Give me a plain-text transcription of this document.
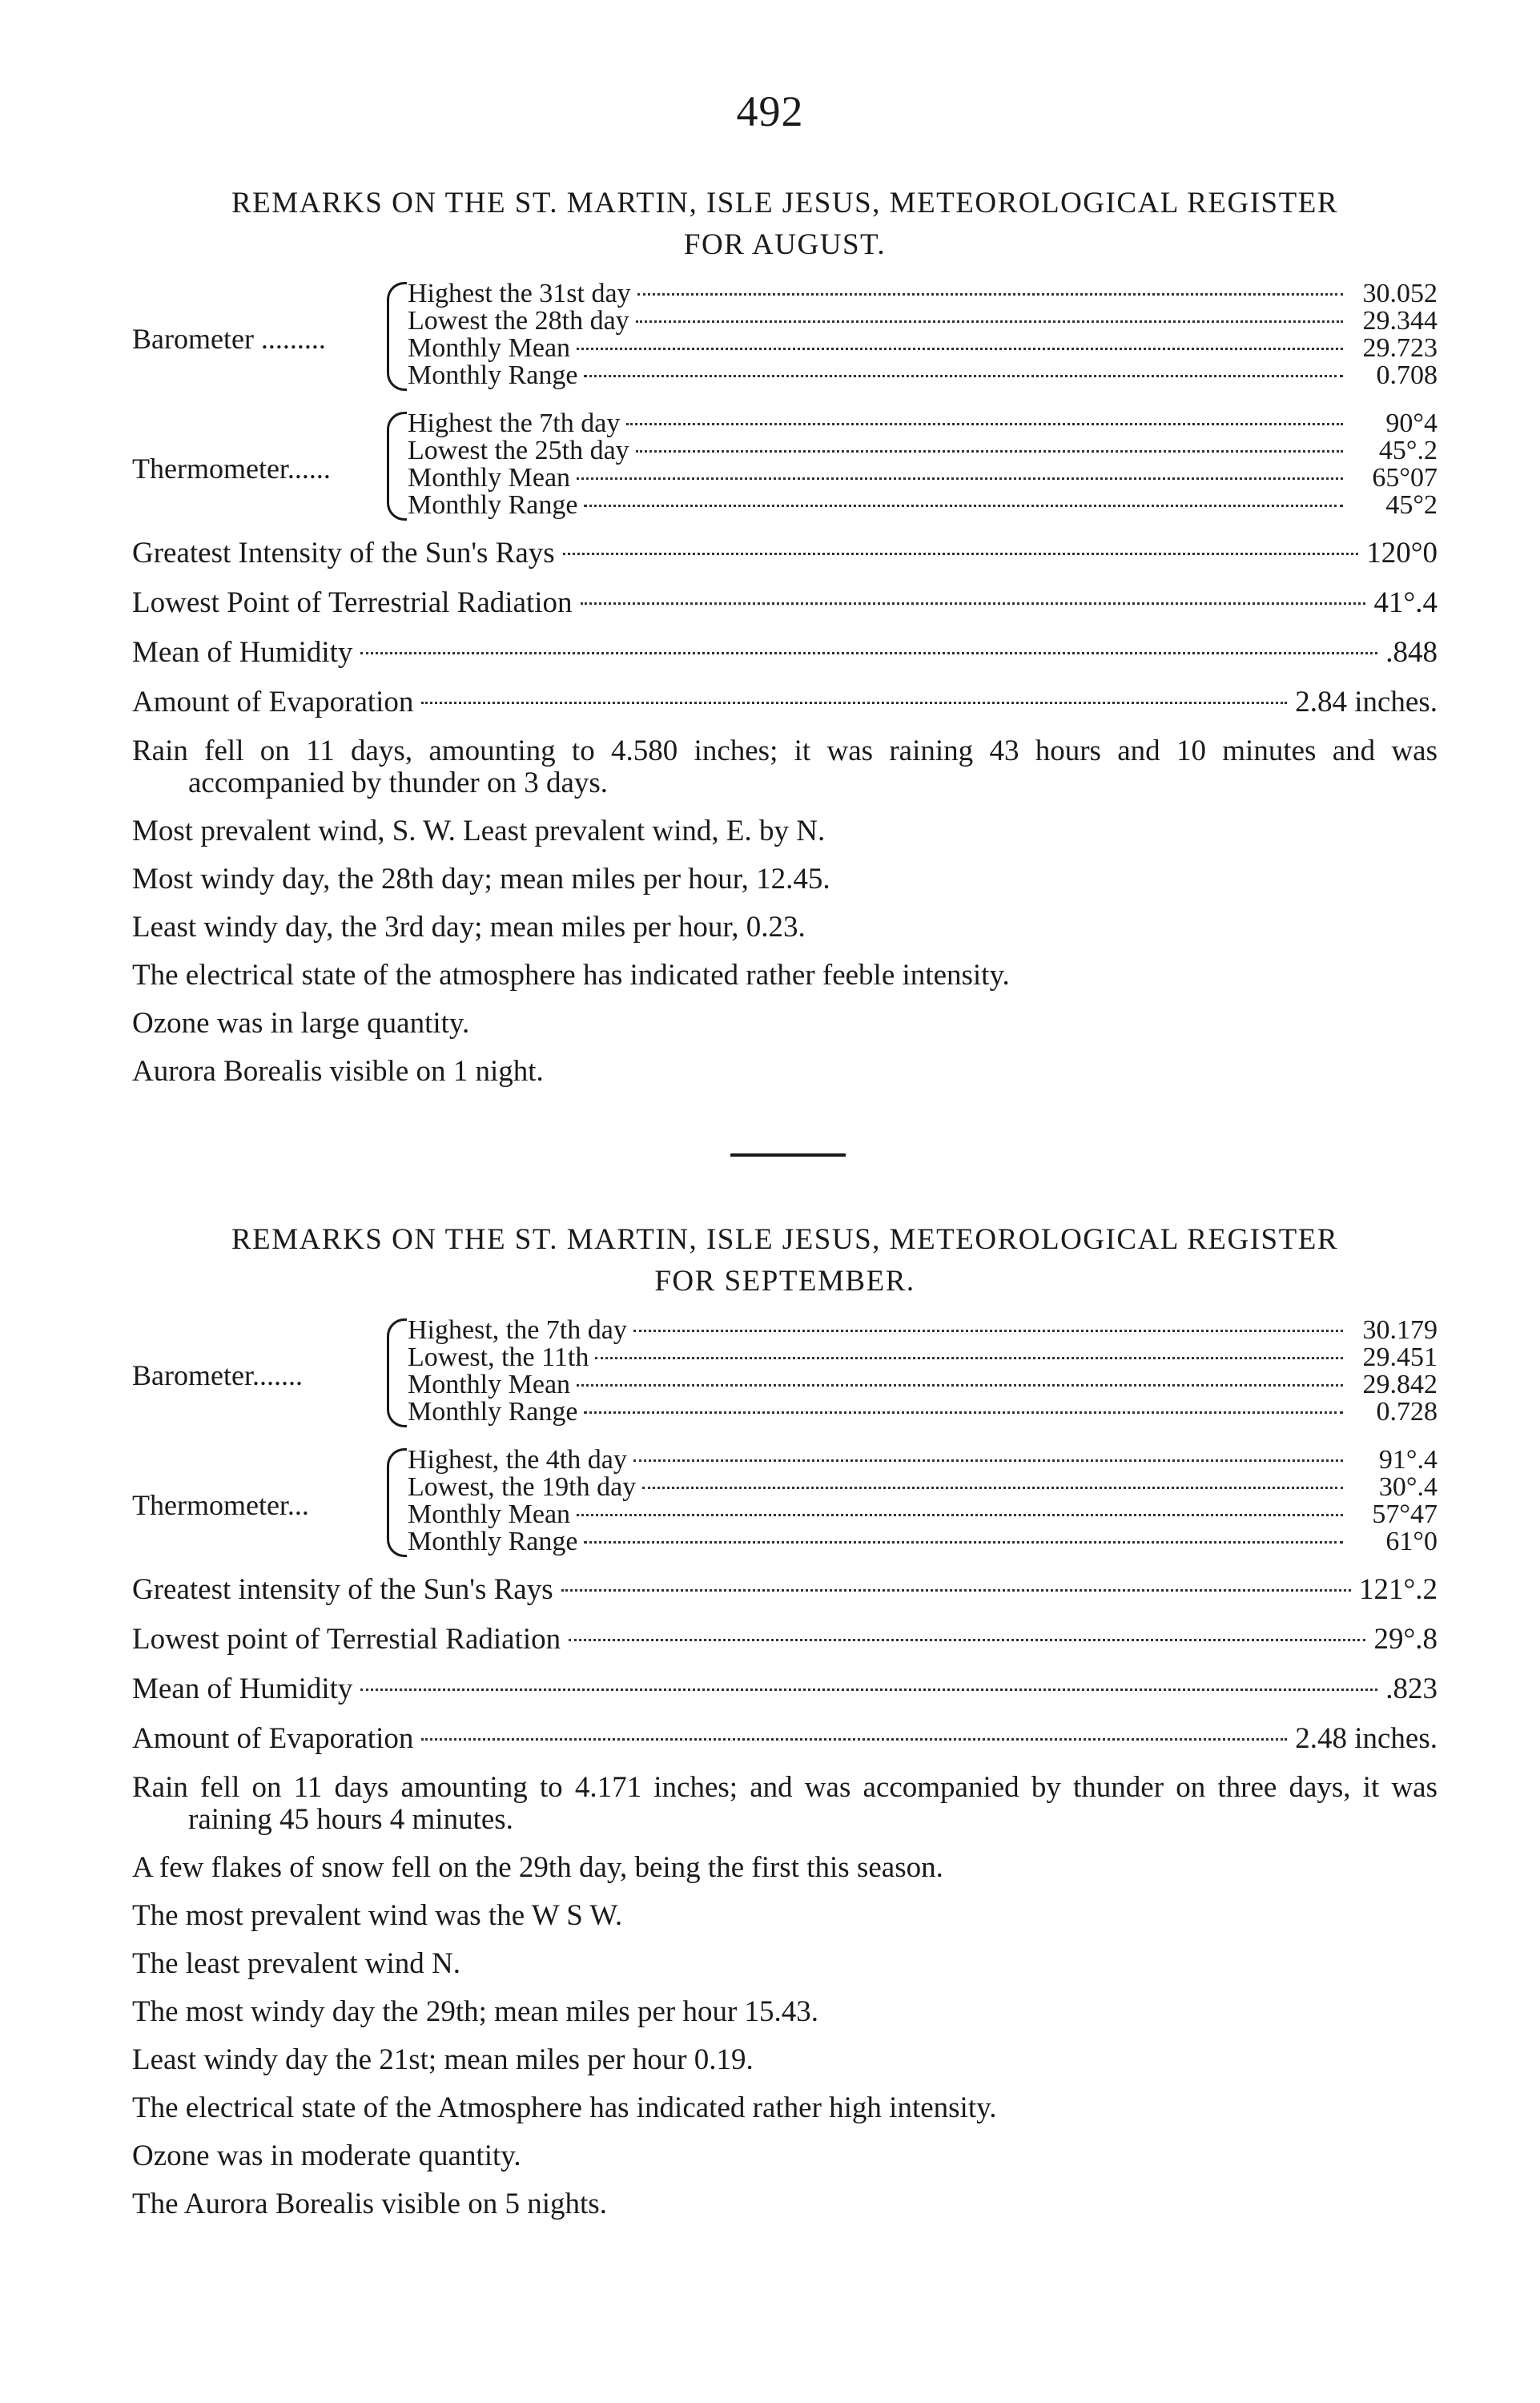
492
REMARKS ON THE ST. MARTIN, ISLE JESUS, METEOROLOGICAL REGISTER
FOR AUGUST.
Barometer .........
Highest the 31st day	30.052
Lowest the 28th day	29.344
Monthly Mean	29.723
Monthly Range	0.708
Thermometer......
Highest the 7th day	90°4
Lowest the 25th day	45°.2
Monthly Mean	65°07
Monthly Range	45°2
Greatest Intensity of the Sun's Rays	120°0
Lowest Point of Terrestrial Radiation	41°.4
Mean of Humidity	.848
Amount of Evaporation	2.84 inches.
Rain fell on 11 days, amounting to 4.580 inches; it was raining 43 hours and 10 minutes and was accompanied by thunder on 3 days.
Most prevalent wind, S. W. Least prevalent wind, E. by N.
Most windy day, the 28th day; mean miles per hour, 12.45.
Least windy day, the 3rd day; mean miles per hour, 0.23.
The electrical state of the atmosphere has indicated rather feeble intensity.
Ozone was in large quantity.
Aurora Borealis visible on 1 night.
REMARKS ON THE ST. MARTIN, ISLE JESUS, METEOROLOGICAL REGISTER
FOR SEPTEMBER.
Barometer.......
Highest, the 7th day	30.179
Lowest, the 11th	29.451
Monthly Mean	29.842
Monthly Range	0.728
Thermometer...
Highest, the 4th day	91°.4
Lowest, the 19th day	30°.4
Monthly Mean	57°47
Monthly Range	61°0
Greatest intensity of the Sun's Rays	121°.2
Lowest point of Terrestial Radiation	29°.8
Mean of Humidity	.823
Amount of Evaporation	2.48 inches.
Rain fell on 11 days amounting to 4.171 inches; and was accompanied by thunder on three days, it was raining 45 hours 4 minutes.
A few flakes of snow fell on the 29th day, being the first this season.
The most prevalent wind was the W S W.
The least prevalent wind N.
The most windy day the 29th; mean miles per hour 15.43.
Least windy day the 21st; mean miles per hour 0.19.
The electrical state of the Atmosphere has indicated rather high intensity.
Ozone was in moderate quantity.
The Aurora Borealis visible on 5 nights.
